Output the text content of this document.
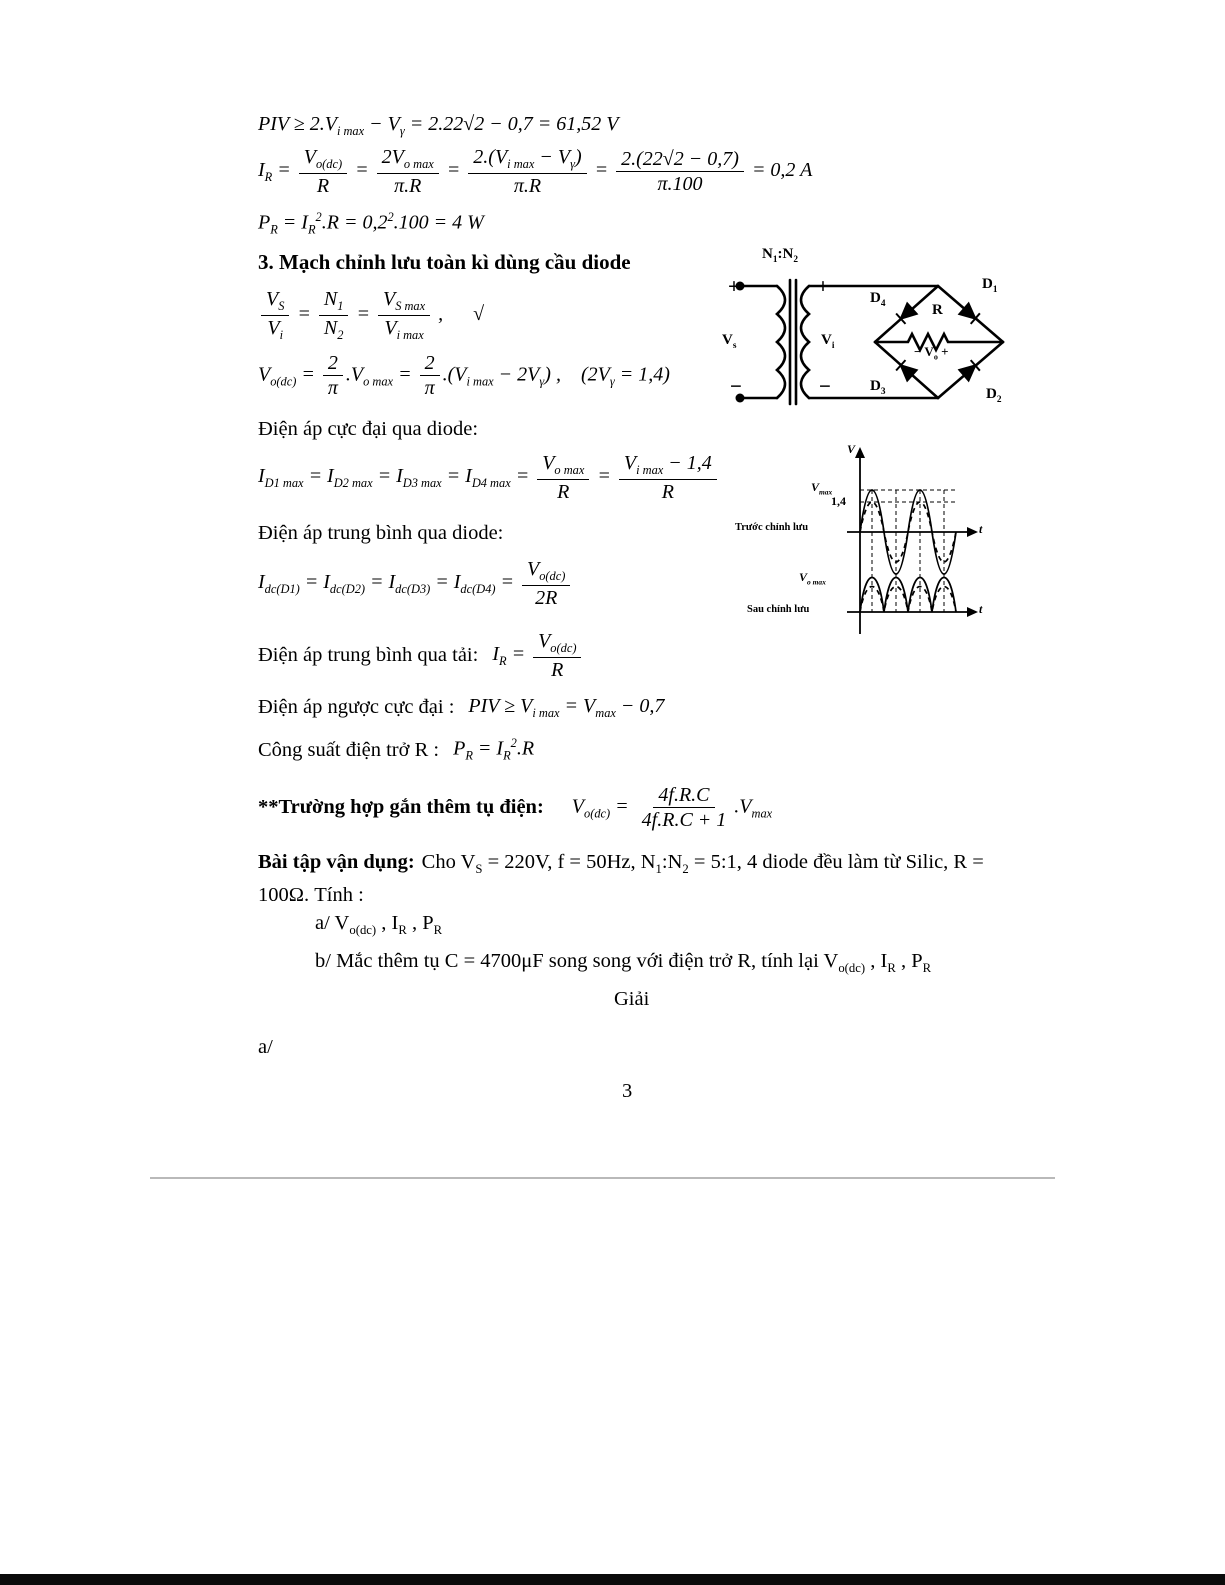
PIV ≥ $2.V_{i max} - V_\gamma = 2.22√2 - 0,7 = 61,52$ V
$I_R = \frac{V_{o(dc)}}{R} = \frac{2V_{o max}}{\pi.R} = \frac{2.(V_{i max} - V_\gamma)}{\pi.R} = \frac{2.(22√2 - 0,7)}{\pi.100} = 0,2$ A
$P_R = I_R^2.R = 0,2^2.100 = 4$ W
3. Mạch chỉnh lưu toàn kì dùng cầu diode
$\frac{V_S}{V_i} = \frac{N_1}{N_2} = \frac{V_{S max}}{V_{i max}}$ ,      √
$V_{o(dc)} = \frac{2}{\pi} .V_{o max} = \frac{2}{\pi} .(V_{i max} - 2V_\gamma)$ ,    $(2V_\gamma = 1,4)$
Điện áp cực đại qua diode:
$I_{D1 max} = I_{D2 max} = I_{D3 max} = I_{D4 max} = \frac{V_{o max}}{R} = \frac{V_{i max} - 1,4}{R}$
Điện áp trung bình qua diode:
$I_{dc(D1)} = I_{dc(D2)} = I_{dc(D3)} = I_{dc(D4)} = \frac{V_{o(dc)}}{2R}$
Điện áp trung bình qua tải: $I_R = \frac{V_{o(dc)}}{R}$
Điện áp ngược cực đại : PIV ≥ $V_{i max} = V_{max} - 0,7$
Công suất điện trở R : $P_R = I_R^2.R$
**Trường hợp gắn thêm tụ điện: $V_{o(dc)} = \frac{4f.R.C}{4f.R.C + 1} .V_{max}$
Bài tập vận dụng: Cho $V_S = 220V$, f = 50Hz, $N_1:N_2$ = 5:1, 4 diode đều làm từ Silic, R = 100Ω. Tính :
a/ $V_{o(dc)}$ , $I_R$ , $P_R$
b/ Mắc thêm tụ C = 4700μF song song với điện trở R, tính lại $V_{o(dc)}$ , $I_R$ , $P_R$
Giải
a/
3
$N_1:N_2$
+
$V_s$
−
+
$V_i$
−
$D_4$
$D_1$
$D_3$	$D_2$
R
− $V_o$ +
V
$V_{max}$
1,4
Trước chỉnh lưu	t
$V_{o max}$
Sau chỉnh lưu	t
